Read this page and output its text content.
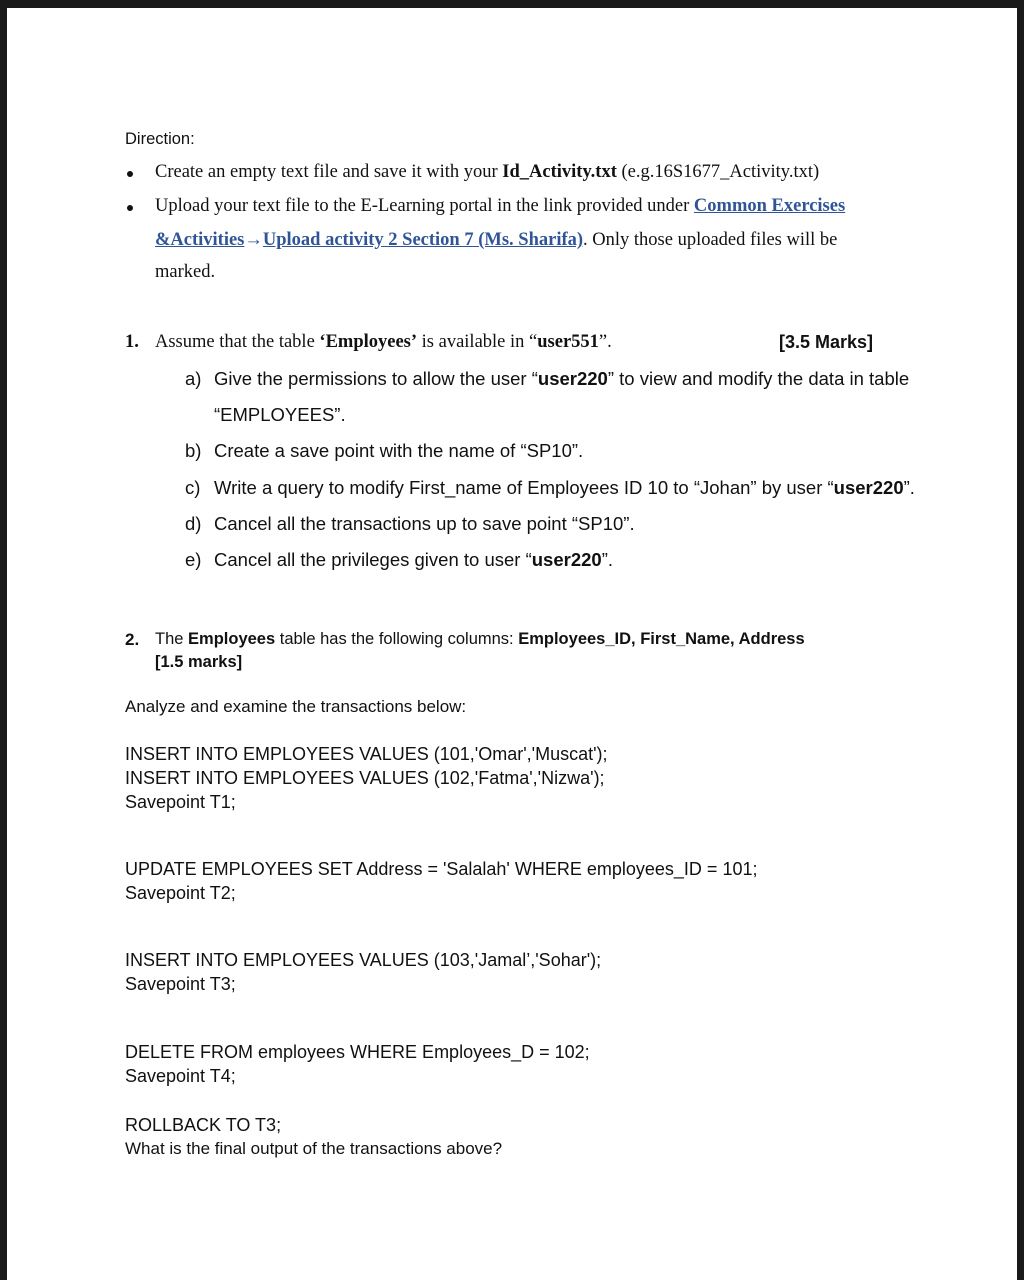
Direction:
Create an empty text file and save it with your Id_Activity.txt (e.g.16S1677_Activity.txt)
Upload your text file to the E-Learning portal in the link provided under Common Exercises
&Activities→Upload activity 2 Section 7 (Ms. Sharifa). Only those uploaded files will be
marked.
1. Assume that the table ‘Employees’ is available in “user551”.	[3.5 Marks]
a) Give the permissions to allow the user “user220” to view and modify the data in table
“EMPLOYEES”.
b) Create a save point with the name of “SP10”.
c) Write a query to modify First_name of Employees ID 10 to “Johan” by user “user220”.
d) Cancel all the transactions up to save point “SP10”.
e) Cancel all the privileges given to user “user220”.
2. The Employees table has the following columns: Employees_ID, First_Name, Address
[1.5 marks]
Analyze and examine the transactions below:
INSERT INTO EMPLOYEES VALUES (101,'Omar','Muscat');
INSERT INTO EMPLOYEES VALUES (102,'Fatma','Nizwa');
Savepoint T1;
UPDATE EMPLOYEES SET Address = 'Salalah' WHERE employees_ID = 101;
Savepoint T2;
INSERT INTO EMPLOYEES VALUES (103,'Jamal’,'Sohar');
Savepoint T3;
DELETE FROM employees WHERE Employees_D = 102;
Savepoint T4;
ROLLBACK TO T3;
What is the final output of the transactions above?
